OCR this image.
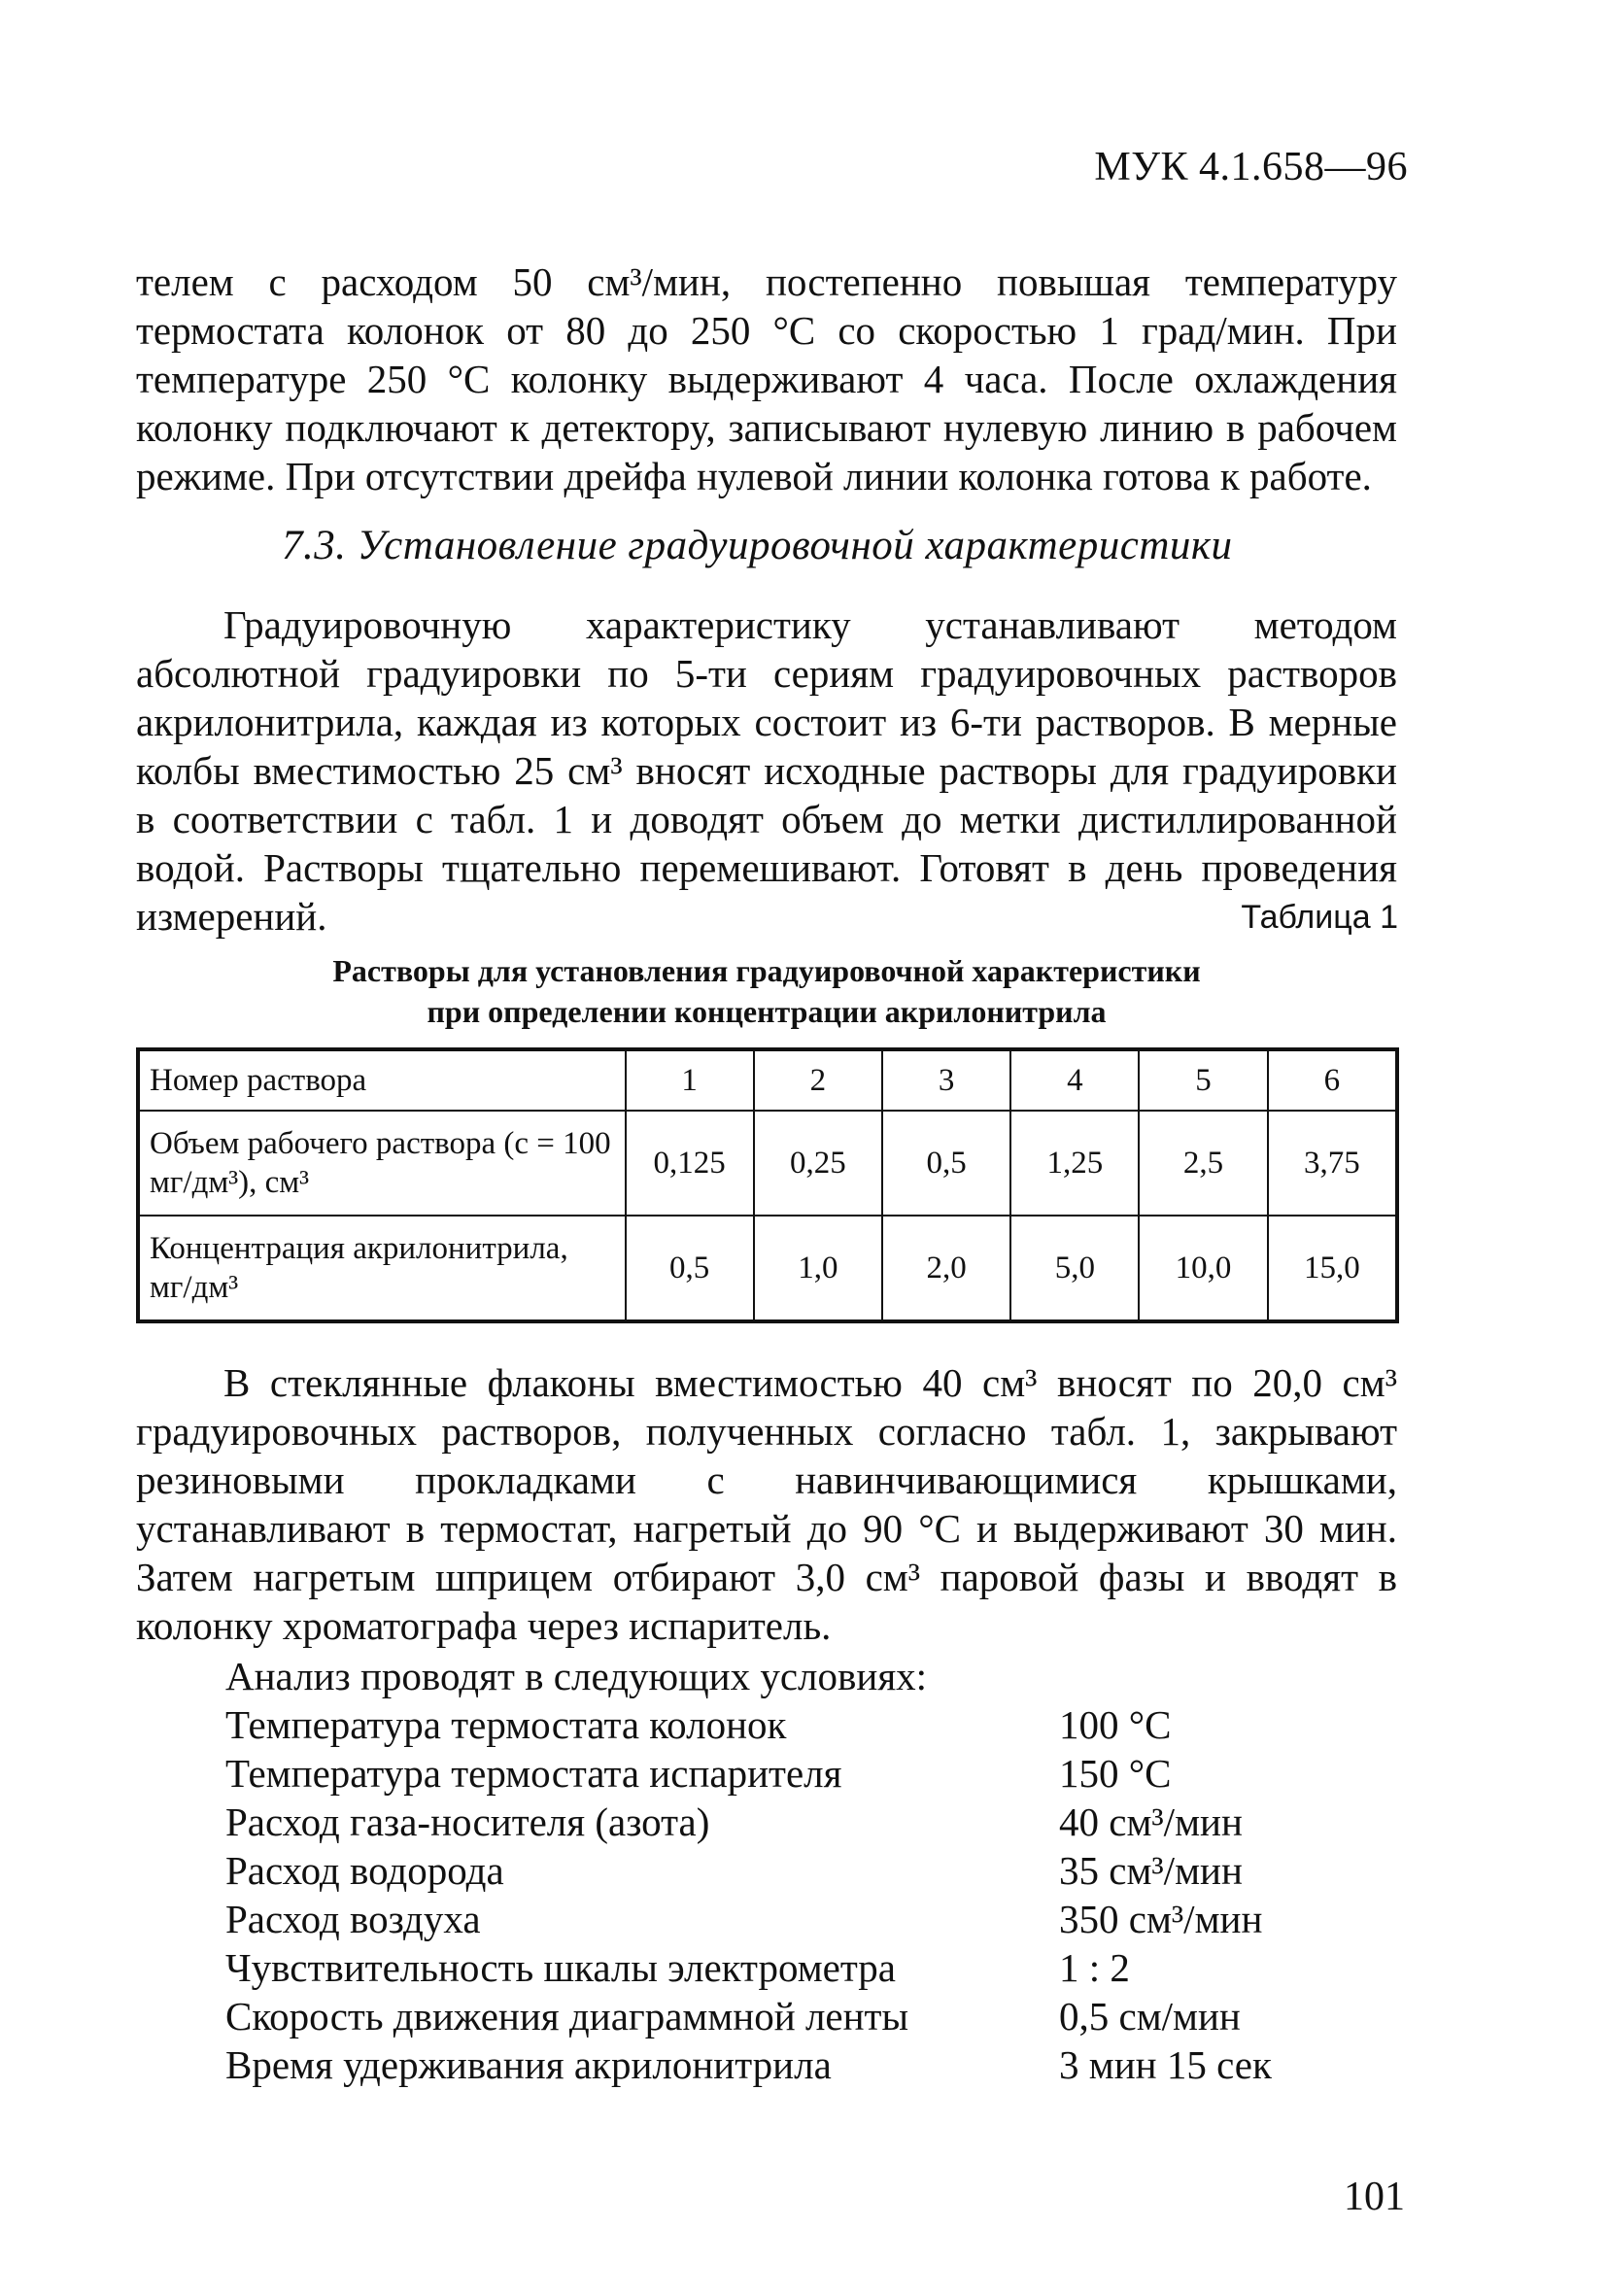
МУК 4.1.658—96

телем с расходом 50 см³/мин, постепенно повышая температуру термостата колонок от 80 до 250 °С со скоростью 1 град/мин. При температуре 250 °С колонку выдерживают 4 часа. После охлаждения колонку подключают к детектору, записывают нулевую линию в рабочем режиме. При отсутствии дрейфа нулевой линии колонка готова к работе.

7.3. Установление градуировочной характеристики

Градуировочную характеристику устанавливают методом абсолютной градуировки по 5-ти сериям градуировочных растворов акрилонитрила, каждая из которых состоит из 6-ти растворов. В мерные колбы вместимостью 25 см³ вносят исходные растворы для градуировки в соответствии с табл. 1 и доводят объем до метки дистиллированной водой. Растворы тщательно перемешивают. Готовят в день проведения измерений.	Таблица 1
Растворы для установления градуировочной характеристики
при определении концентрации акрилонитрила
Номер раствора	1	2	3	4	5	6
Объем рабочего раствора (с = 100 мг/дм³), см³	0,125	0,25	0,5	1,25	2,5	3,75
Концентрация акрилонитрила, мг/дм³	0,5	1,0	2,0	5,0	10,0	15,0

В стеклянные флаконы вместимостью 40 см³ вносят по 20,0 см³ градуировочных растворов, полученных согласно табл. 1, закрывают резиновыми прокладками с навинчивающимися крышками, устанавливают в термостат, нагретый до 90 °С и выдерживают 30 мин. Затем нагретым шприцем отбирают 3,0 см³ паровой фазы и вводят в колонку хроматографа через испаритель.

Анализ проводят в следующих условиях:

Температура термостата колонок	100 °С
Температура термостата испарителя	150 °С
Расход газа-носителя (азота)	40 см³/мин
Расход водорода	35 см³/мин
Расход воздуха	350 см³/мин
Чувствительность шкалы электрометра	1 : 2
Скорость движения диаграммной ленты	0,5 см/мин
Время удерживания акрилонитрила	3 мин 15 сек
101
